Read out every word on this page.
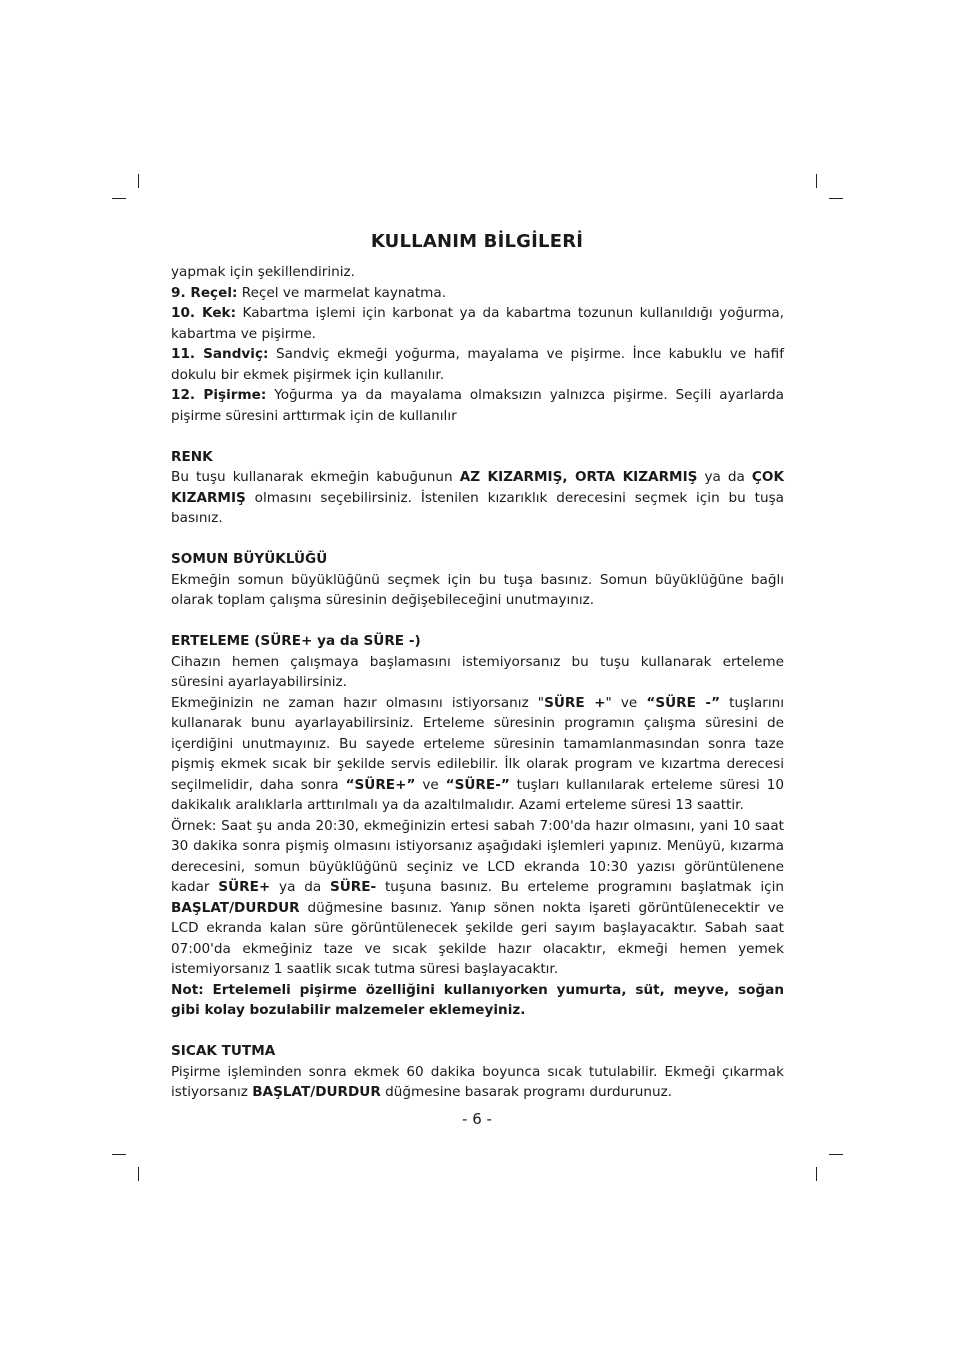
KULLANIM BİLGİLERİ

yapmak için şekillendiriniz.

9. Reçel: Reçel ve marmelat kaynatma.

10. Kek: Kabartma işlemi için karbonat ya da kabartma tozunun kullanıldığı yoğurma, kabartma ve pişirme.

11. Sandviç: Sandviç ekmeği yoğurma, mayalama ve pişirme. İnce kabuklu ve hafif dokulu bir ekmek pişirmek için kullanılır.

12. Pişirme: Yoğurma ya da mayalama olmaksızın yalnızca pişirme. Seçili ayarlarda pişirme süresini arttırmak için de kullanılır

RENK

Bu tuşu kullanarak ekmeğin kabuğunun AZ KIZARMIŞ, ORTA KIZARMIŞ ya da ÇOK KIZARMIŞ olmasını seçebilirsiniz. İstenilen kızarıklık derecesini seçmek için bu tuşa basınız.

SOMUN BÜYÜKLÜĞÜ

Ekmeğin somun büyüklüğünü seçmek için bu tuşa basınız. Somun büyüklüğüne bağlı olarak toplam çalışma süresinin değişebileceğini unutmayınız.

ERTELEME (SÜRE+ ya da SÜRE -)

Cihazın hemen çalışmaya başlamasını istemiyorsanız bu tuşu kullanarak erteleme süresini ayarlayabilirsiniz.

Ekmeğinizin ne zaman hazır olmasını istiyorsanız "SÜRE +" ve “SÜRE -” tuşlarını kullanarak bunu ayarlayabilirsiniz. Erteleme süresinin programın çalışma süresini de içerdiğini unutmayınız. Bu sayede erteleme süresinin tamamlanmasından sonra taze pişmiş ekmek sıcak bir şekilde servis edilebilir. İlk olarak program ve kızartma derecesi seçilmelidir, daha sonra “SÜRE+” ve “SÜRE-” tuşları kullanılarak erteleme süresi 10 dakikalık aralıklarla arttırılmalı ya da azaltılmalıdır. Azami erteleme süresi 13 saattir.

Örnek: Saat şu anda 20:30, ekmeğinizin ertesi sabah 7:00'da hazır olmasını, yani 10 saat 30 dakika sonra pişmiş olmasını istiyorsanız aşağıdaki işlemleri yapınız. Menüyü, kızarma derecesini, somun büyüklüğünü seçiniz ve LCD ekranda 10:30 yazısı görüntülenene kadar SÜRE+ ya da SÜRE- tuşuna basınız. Bu erteleme programını başlatmak için BAŞLAT/DURDUR düğmesine basınız. Yanıp sönen nokta işareti görüntülenecektir ve LCD ekranda kalan süre görüntülenecek şekilde geri sayım başlayacaktır. Sabah saat 07:00'da ekmeğiniz taze ve sıcak şekilde hazır olacaktır, ekmeği hemen yemek istemiyorsanız 1 saatlik sıcak tutma süresi başlayacaktır.

Not: Ertelemeli pişirme özelliğini kullanıyorken yumurta, süt, meyve, soğan gibi kolay bozulabilir malzemeler eklemeyiniz.

SICAK TUTMA

Pişirme işleminden sonra ekmek 60 dakika boyunca sıcak tutulabilir. Ekmeği çıkarmak istiyorsanız BAŞLAT/DURDUR düğmesine basarak programı durdurunuz.

- 6 -
